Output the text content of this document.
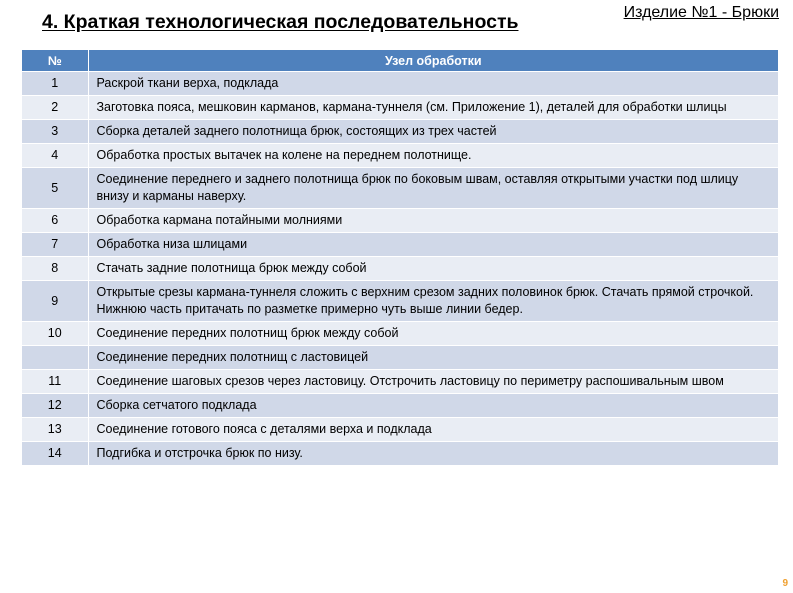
4. Краткая технологическая последовательность	Изделие №1 - Брюки
№	Узел обработки
1	Раскрой ткани верха, подклада
2	Заготовка пояса, мешковин карманов, кармана-туннеля (см. Приложение 1), деталей для обработки шлицы
3	Сборка деталей заднего полотнища брюк, состоящих из трех частей
4	Обработка простых вытачек на колене на переднем полотнище.
5	Соединение переднего и заднего полотнища брюк по боковым швам, оставляя открытыми участки под шлицу внизу и карманы наверху.
6	Обработка кармана потайными молниями
7	Обработка низа шлицами
8	Стачать задние полотнища брюк между собой
9	Открытые срезы кармана-туннеля сложить с верхним срезом задних половинок брюк. Стачать прямой строчкой. Нижнюю часть притачать по разметке примерно чуть выше линии бедер.
10	Соединение передних полотнищ брюк между собой
	Соединение передних полотнищ с ластовицей
11	Соединение шаговых срезов через ластовицу. Отстрочить ластовицу по периметру распошивальным швом
12	Сборка сетчатого подклада
13	Соединение готового пояса с деталями верха и подклада
14	Подгибка и отстрочка брюк по низу.
9
